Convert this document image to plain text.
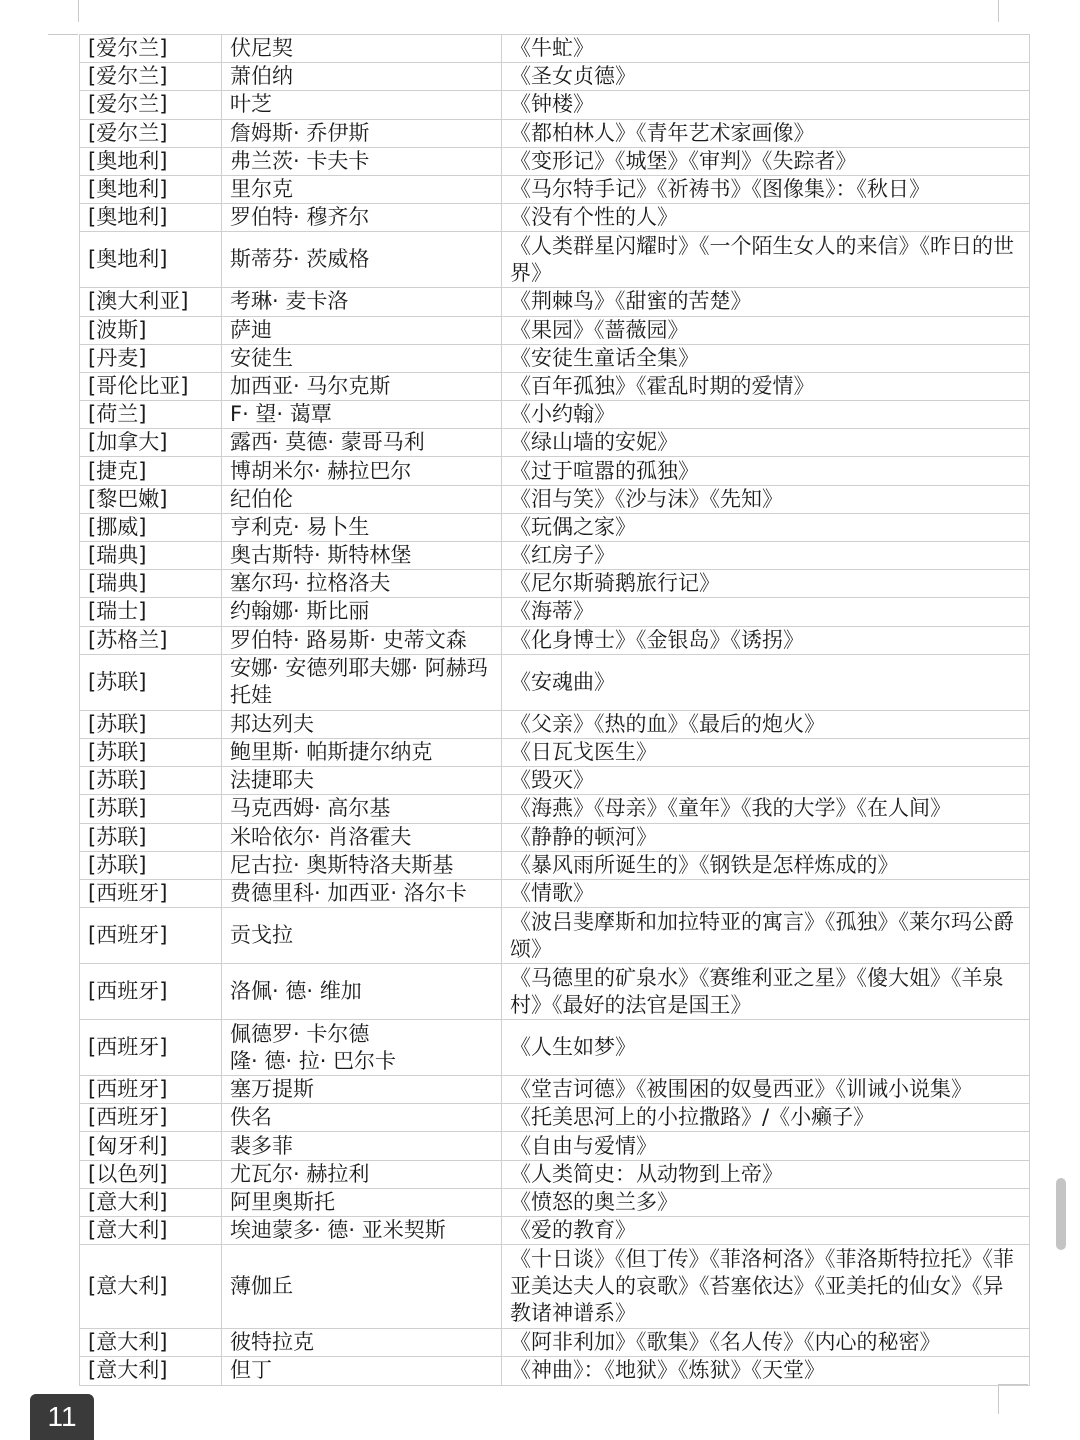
[爱尔兰]	伏尼契	《牛虻》
[爱尔兰]	萧伯纳	《圣女贞德》
[爱尔兰]	叶芝	《钟楼》
[爱尔兰]	詹姆斯· 乔伊斯	《都柏林人》《青年艺术家画像》
[奥地利]	弗兰茨· 卡夫卡	《变形记》《城堡》《审判》《失踪者》
[奥地利]	里尔克	《马尔特手记》《祈祷书》《图像集》：《秋日》
[奥地利]	罗伯特· 穆齐尔	《没有个性的人》
[奥地利]	斯蒂芬· 茨威格	《人类群星闪耀时》《一个陌生女人的来信》《昨日的世界》
[澳大利亚]	考琳· 麦卡洛	《荆棘鸟》《甜蜜的苦楚》
[波斯]	萨迪	《果园》《蔷薇园》
[丹麦]	安徒生	《安徒生童话全集》
[哥伦比亚]	加西亚· 马尔克斯	《百年孤独》《霍乱时期的爱情》
[荷兰]	F· 望· 蔼覃	《小约翰》
[加拿大]	露西· 莫德· 蒙哥马利	《绿山墙的安妮》
[捷克]	博胡米尔· 赫拉巴尔	《过于喧嚣的孤独》
[黎巴嫩]	纪伯伦	《泪与笑》《沙与沫》《先知》
[挪威]	亨利克· 易卜生	《玩偶之家》
[瑞典]	奥古斯特· 斯特林堡	《红房子》
[瑞典]	塞尔玛· 拉格洛夫	《尼尔斯骑鹅旅行记》
[瑞士]	约翰娜· 斯比丽	《海蒂》
[苏格兰]	罗伯特· 路易斯· 史蒂文森	《化身博士》《金银岛》《诱拐》
[苏联]	安娜· 安德列耶夫娜· 阿赫玛托娃	《安魂曲》
[苏联]	邦达列夫	《父亲》《热的血》《最后的炮火》
[苏联]	鲍里斯· 帕斯捷尔纳克	《日瓦戈医生》
[苏联]	法捷耶夫	《毁灭》
[苏联]	马克西姆· 高尔基	《海燕》《母亲》《童年》《我的大学》《在人间》
[苏联]	米哈依尔· 肖洛霍夫	《静静的顿河》
[苏联]	尼古拉· 奥斯特洛夫斯基	《暴风雨所诞生的》《钢铁是怎样炼成的》
[西班牙]	费德里科· 加西亚· 洛尔卡	《情歌》
[西班牙]	贡戈拉	《波吕斐摩斯和加拉特亚的寓言》《孤独》《莱尔玛公爵颂》
[西班牙]	洛佩· 德· 维加	《马德里的矿泉水》《赛维利亚之星》《傻大姐》《羊泉村》《最好的法官是国王》
[西班牙]	佩德罗· 卡尔德
隆· 德· 拉· 巴尔卡	《人生如梦》
[西班牙]	塞万提斯	《堂吉诃德》《被围困的奴曼西亚》《训诫小说集》
[西班牙]	佚名	《托美思河上的小拉撒路》/《小癞子》
[匈牙利]	裴多菲	《自由与爱情》
[以色列]	尤瓦尔· 赫拉利	《人类简史：从动物到上帝》
[意大利]	阿里奥斯托	《愤怒的奥兰多》
[意大利]	埃迪蒙多· 德· 亚米契斯	《爱的教育》
[意大利]	薄伽丘	《十日谈》《但丁传》《菲洛柯洛》《菲洛斯特拉托》《菲亚美达夫人的哀歌》《苔塞依达》《亚美托的仙女》《异教诸神谱系》
[意大利]	彼特拉克	《阿非利加》《歌集》《名人传》《内心的秘密》
[意大利]	但丁	《神曲》：《地狱》《炼狱》《天堂》
11
